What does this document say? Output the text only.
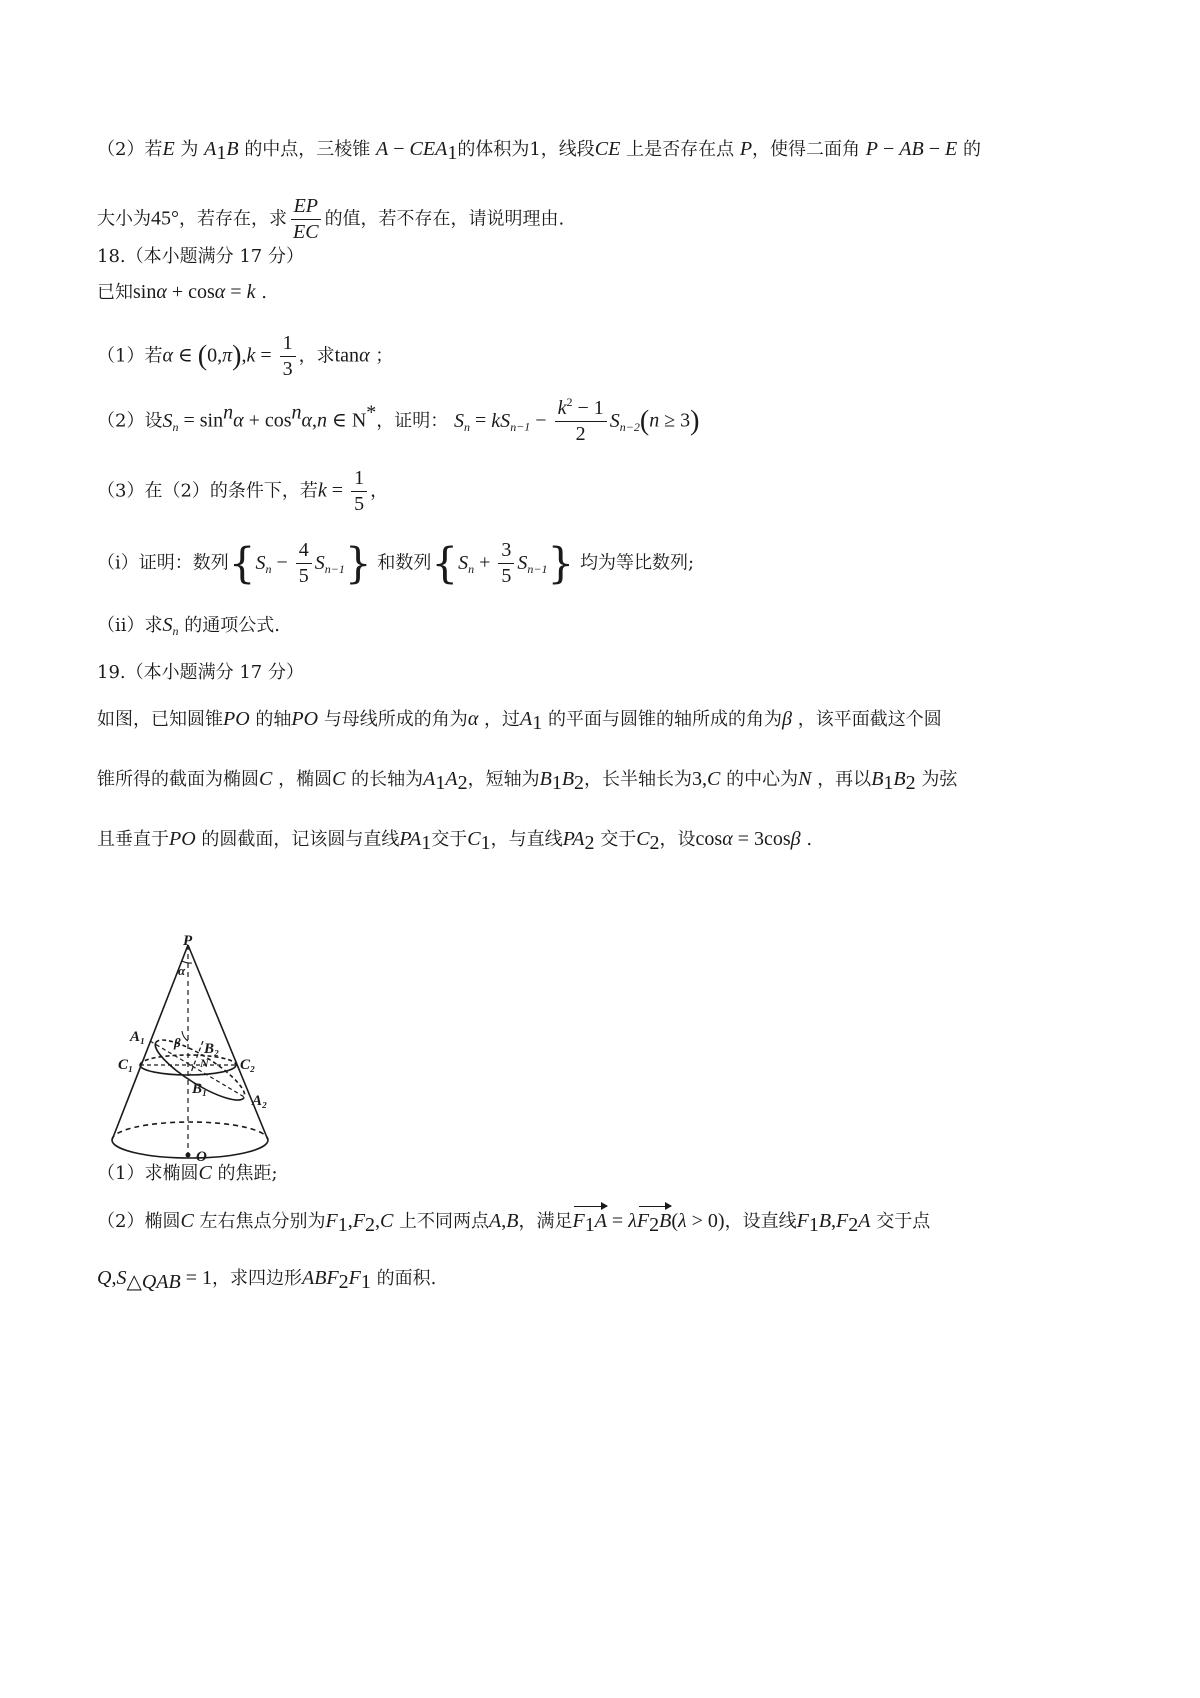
（2）若E 为 $A_1B$ 的中点，三棱锥 $A - CEA_1$的体积为1，线段CE 上是否存在点 P，使得二面角 P − AB − E 的
大小为45°，若存在，求 $\frac{EP}{EC}$ 的值，若不存在，请说明理由.
18.（本小题满分 17 分）
已知sinα + cosα = k .
（1）若α ∈ $(0,\pi),k = \frac{1}{3}$ ，求tanα ；
（2）设$S_n = \sin^n\alpha + \cos^n\alpha,n$ ∈ N*，证明： $S_n = kS_{n-1} - \frac{k^2 - 1}{2} S_{n-2}(n \ge 3)$
（3）在（2）的条件下，若$k = \frac{1}{5}$ ，
（ⅰ）证明：数列$\{S_n - \frac{4}{5} S_{n-1}\}$ 和数列$\{S_n + \frac{3}{5} S_{n-1}\}$ 均为等比数列;
（ⅱ）求$S_n$ 的通项公式.
19.（本小题满分 17 分）
如图，已知圆锥PO 的轴PO 与母线所成的角为α ，过$A_1$ 的平面与圆锥的轴所成的角为β ，该平面截这个圆
锥所得的截面为椭圆C ，椭圆C 的长轴为$A_1A_2$，短轴为$B_1B_2$，长半轴长为3,C 的中心为N ，再以$B_1B_2$ 为弦
且垂直于PO 的圆截面，记该圆与直线$PA_1$交于$C_1$，与直线$PA_2$ 交于$C_2$，设cosα = 3cosβ .
P
α
A₁ β B₂
C₁	N C₂
B₁
A₂
O
（1）求椭圆C 的焦距;
（2）椭圆C 左右焦点分别为$F_1,F_2,C$ 上不同两点A,B，满足$F_1A = \lambda F_2B(\lambda > 0)$，设直线$F_1B,F_2A$ 交于点
$Q,S_{\triangle QAB} = 1$，求四边形$ABF_2F_1$ 的面积.
